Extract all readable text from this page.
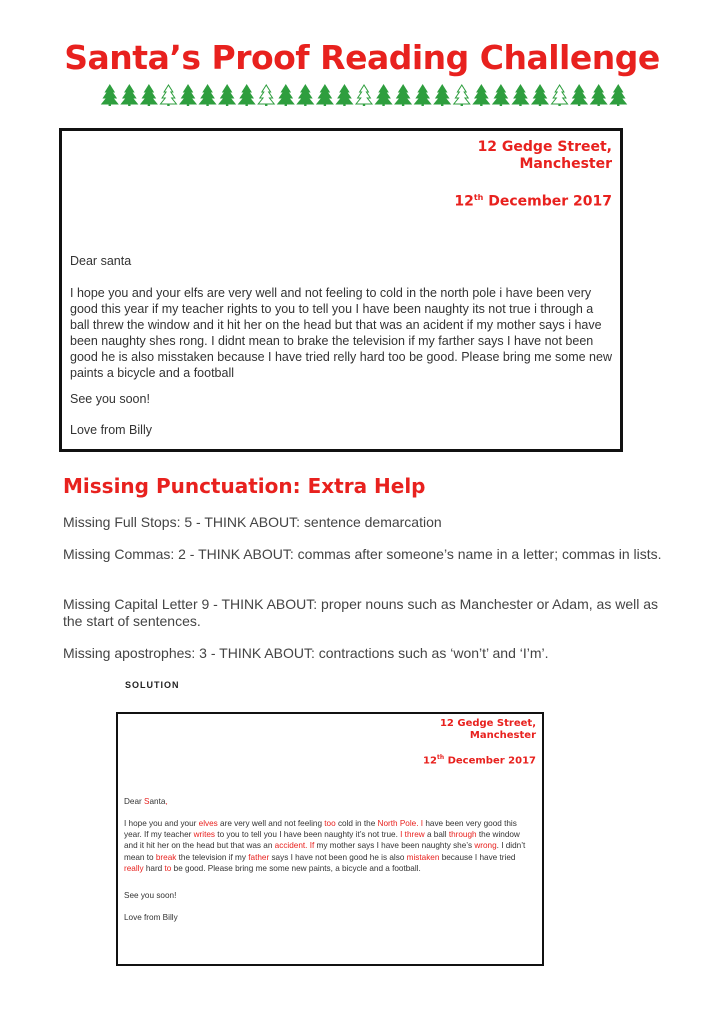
Santa’s Proof Reading Challenge
12 Gedge Street,
Manchester
12th December 2017
Dear santa
I hope you and your elfs are very well and not feeling to cold in the north pole i have been very good this year if my teacher rights to you to tell you I have been naughty its not true i through a ball threw the window and it hit her on the head but that was an acident if my mother says i have been naughty shes rong. I didnt mean to brake the television if my farther says I have not been good he is also misstaken because I have tried relly hard too be good. Please bring me some new paints a bicycle and a football
See you soon!
Love from Billy
Missing Punctuation: Extra Help
Missing Full Stops: 5 - THINK ABOUT: sentence demarcation
Missing Commas: 2 - THINK ABOUT: commas after someone’s name in a letter; commas in lists.
Missing Capital Letter 9 - THINK ABOUT: proper nouns such as Manchester or Adam, as well as the start of sentences.
Missing apostrophes: 3 - THINK ABOUT: contractions such as ‘won’t’ and ‘I’m’.
SOLUTION
12 Gedge Street,
Manchester
12th December 2017
Dear Santa,
I hope you and your elves are very well and not feeling too cold in the North Pole. I have been very good this year. If my teacher writes to you to tell you I have been naughty it’s not true. I threw a ball through the window and it hit her on the head but that was an accident. If my mother says I have been naughty she’s wrong. I didn’t mean to break the television if my father says I have not been good he is also mistaken because I have tried really hard to be good. Please bring me some new paints, a bicycle and a football.
See you soon!
Love from Billy
